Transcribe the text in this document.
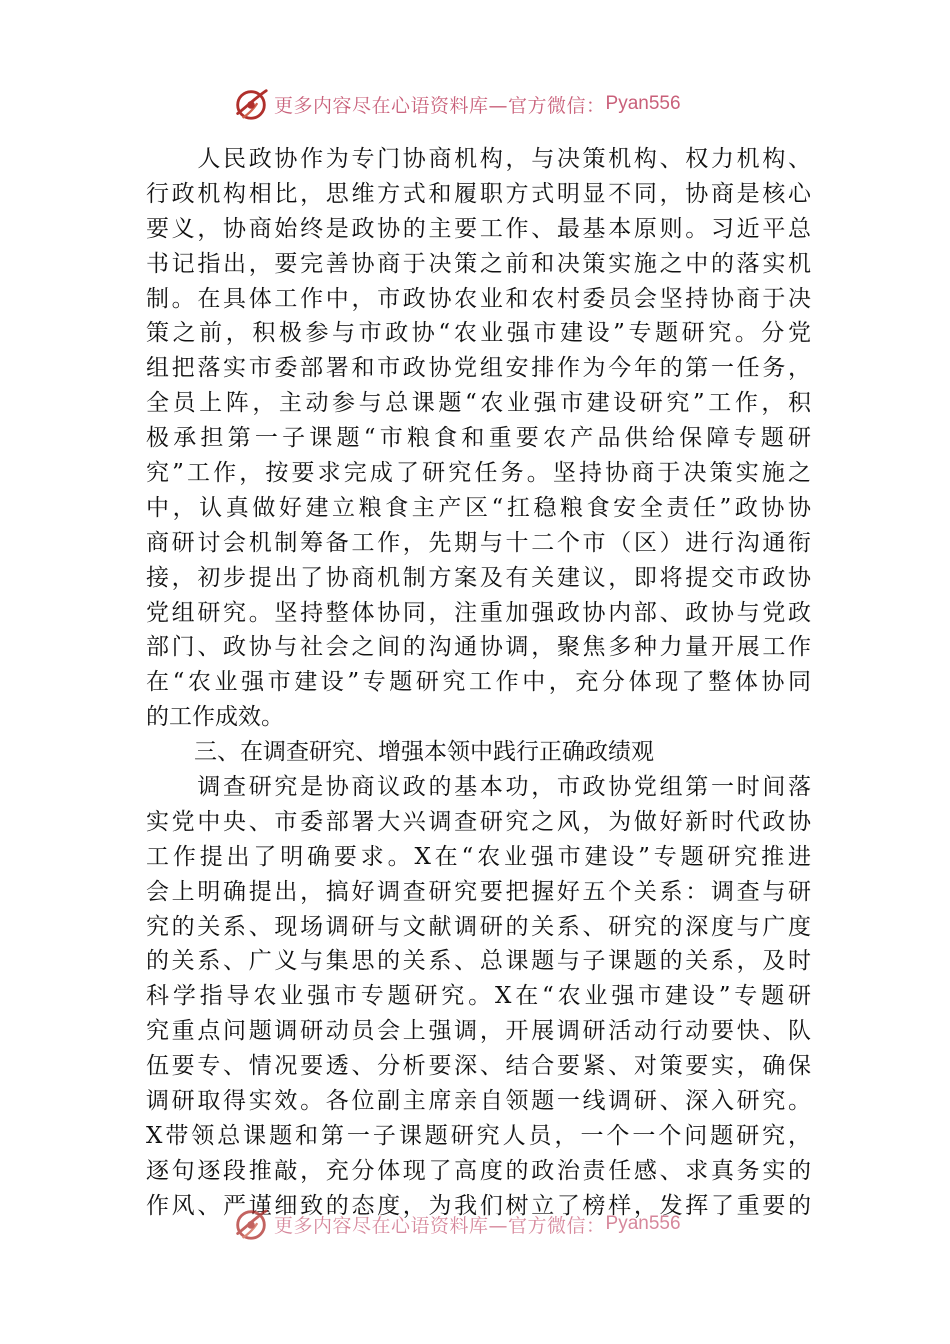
更多内容尽在心语资料库—官方微信： Pyan556
　　人民政协作为专门协商机构，与决策机构、权力机构、
行政机构相比，思维方式和履职方式明显不同，协商是核心
要义，协商始终是政协的主要工作、最基本原则。习近平总
书记指出，要完善协商于决策之前和决策实施之中的落实机
制。在具体工作中，市政协农业和农村委员会坚持协商于决
策之前，积极参与市政协“农业强市建设”专题研究。分党
组把落实市委部署和市政协党组安排作为今年的第一任务，
全员上阵，主动参与总课题“农业强市建设研究”工作，积
极承担第一子课题“市粮食和重要农产品供给保障专题研
究”工作，按要求完成了研究任务。坚持协商于决策实施之
中，认真做好建立粮食主产区“扛稳粮食安全责任”政协协
商研讨会机制筹备工作，先期与十二个市（区）进行沟通衔
接，初步提出了协商机制方案及有关建议，即将提交市政协
党组研究。坚持整体协同，注重加强政协内部、政协与党政
部门、政协与社会之间的沟通协调，聚焦多种力量开展工作
在“农业强市建设”专题研究工作中，充分体现了整体协同
的工作成效。
三、在调查研究、增强本领中践行正确政绩观
　　调查研究是协商议政的基本功，市政协党组第一时间落
实党中央、市委部署大兴调查研究之风，为做好新时代政协
工作提出了明确要求。X在“农业强市建设”专题研究推进
会上明确提出，搞好调查研究要把握好五个关系：调查与研
究的关系、现场调研与文献调研的关系、研究的深度与广度
的关系、广义与集思的关系、总课题与子课题的关系，及时
科学指导农业强市专题研究。X在“农业强市建设”专题研
究重点问题调研动员会上强调，开展调研活动行动要快、队
伍要专、情况要透、分析要深、结合要紧、对策要实，确保
调研取得实效。各位副主席亲自领题一线调研、深入研究。
X带领总课题和第一子课题研究人员，一个一个问题研究，
逐句逐段推敲，充分体现了高度的政治责任感、求真务实的
作风、严谨细致的态度，为我们树立了榜样，发挥了重要的
更多内容尽在心语资料库—官方微信： Pyan556
